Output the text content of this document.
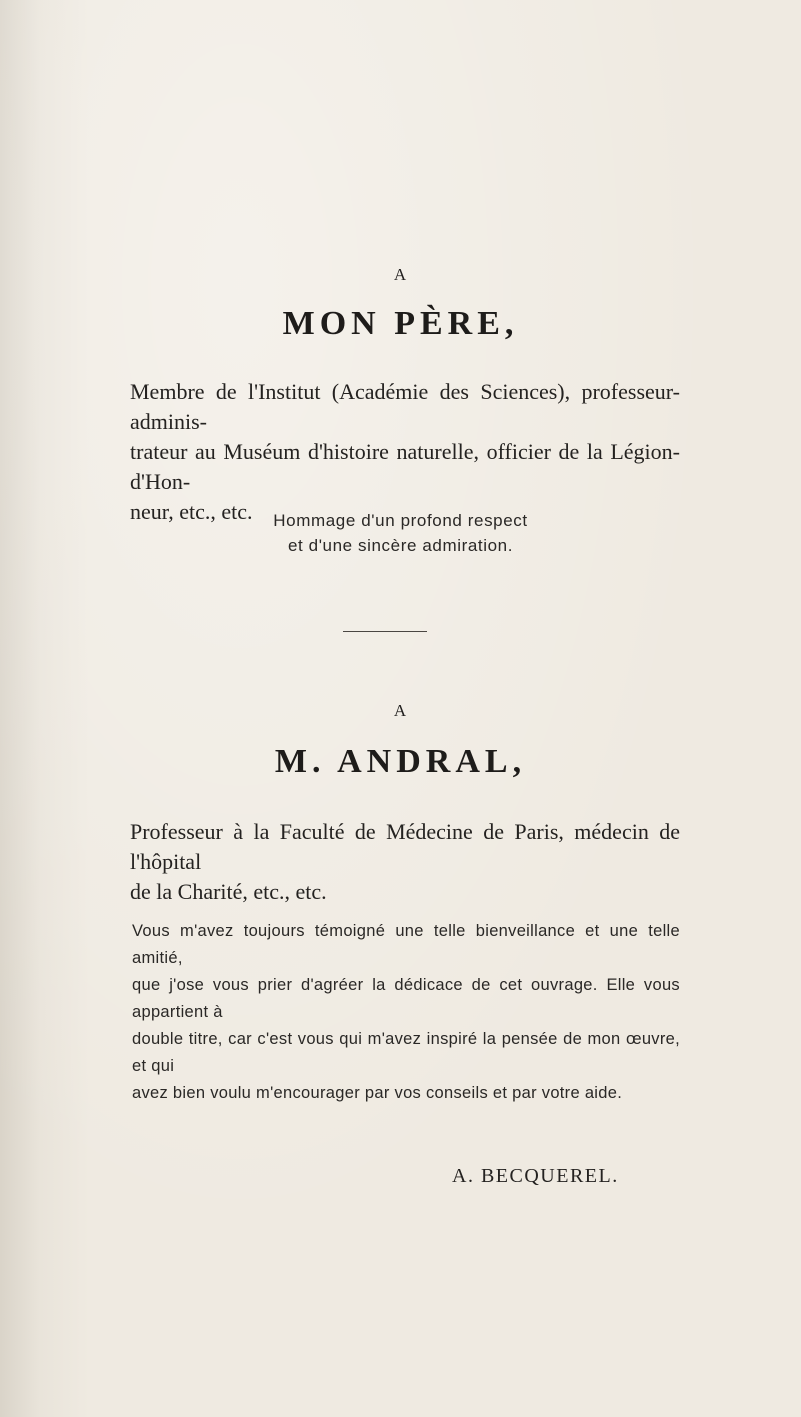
A
MON PÈRE,
Membre de l'Institut (Académie des Sciences), professeur-adminis-
trateur au Muséum d'histoire naturelle, officier de la Légion-d'Hon-
neur, etc., etc.	Hommage d'un profond respect
et d'une sincère admiration.
A
M. ANDRAL,
Professeur à la Faculté de Médecine de Paris, médecin de l'hôpital
de la Charité, etc., etc.
Vous m'avez toujours témoigné une telle bienveillance et une telle amitié,
que j'ose vous prier d'agréer la dédicace de cet ouvrage. Elle vous appartient à
double titre, car c'est vous qui m'avez inspiré la pensée de mon œuvre, et qui
avez bien voulu m'encourager par vos conseils et par votre aide.
A. BECQUEREL.
